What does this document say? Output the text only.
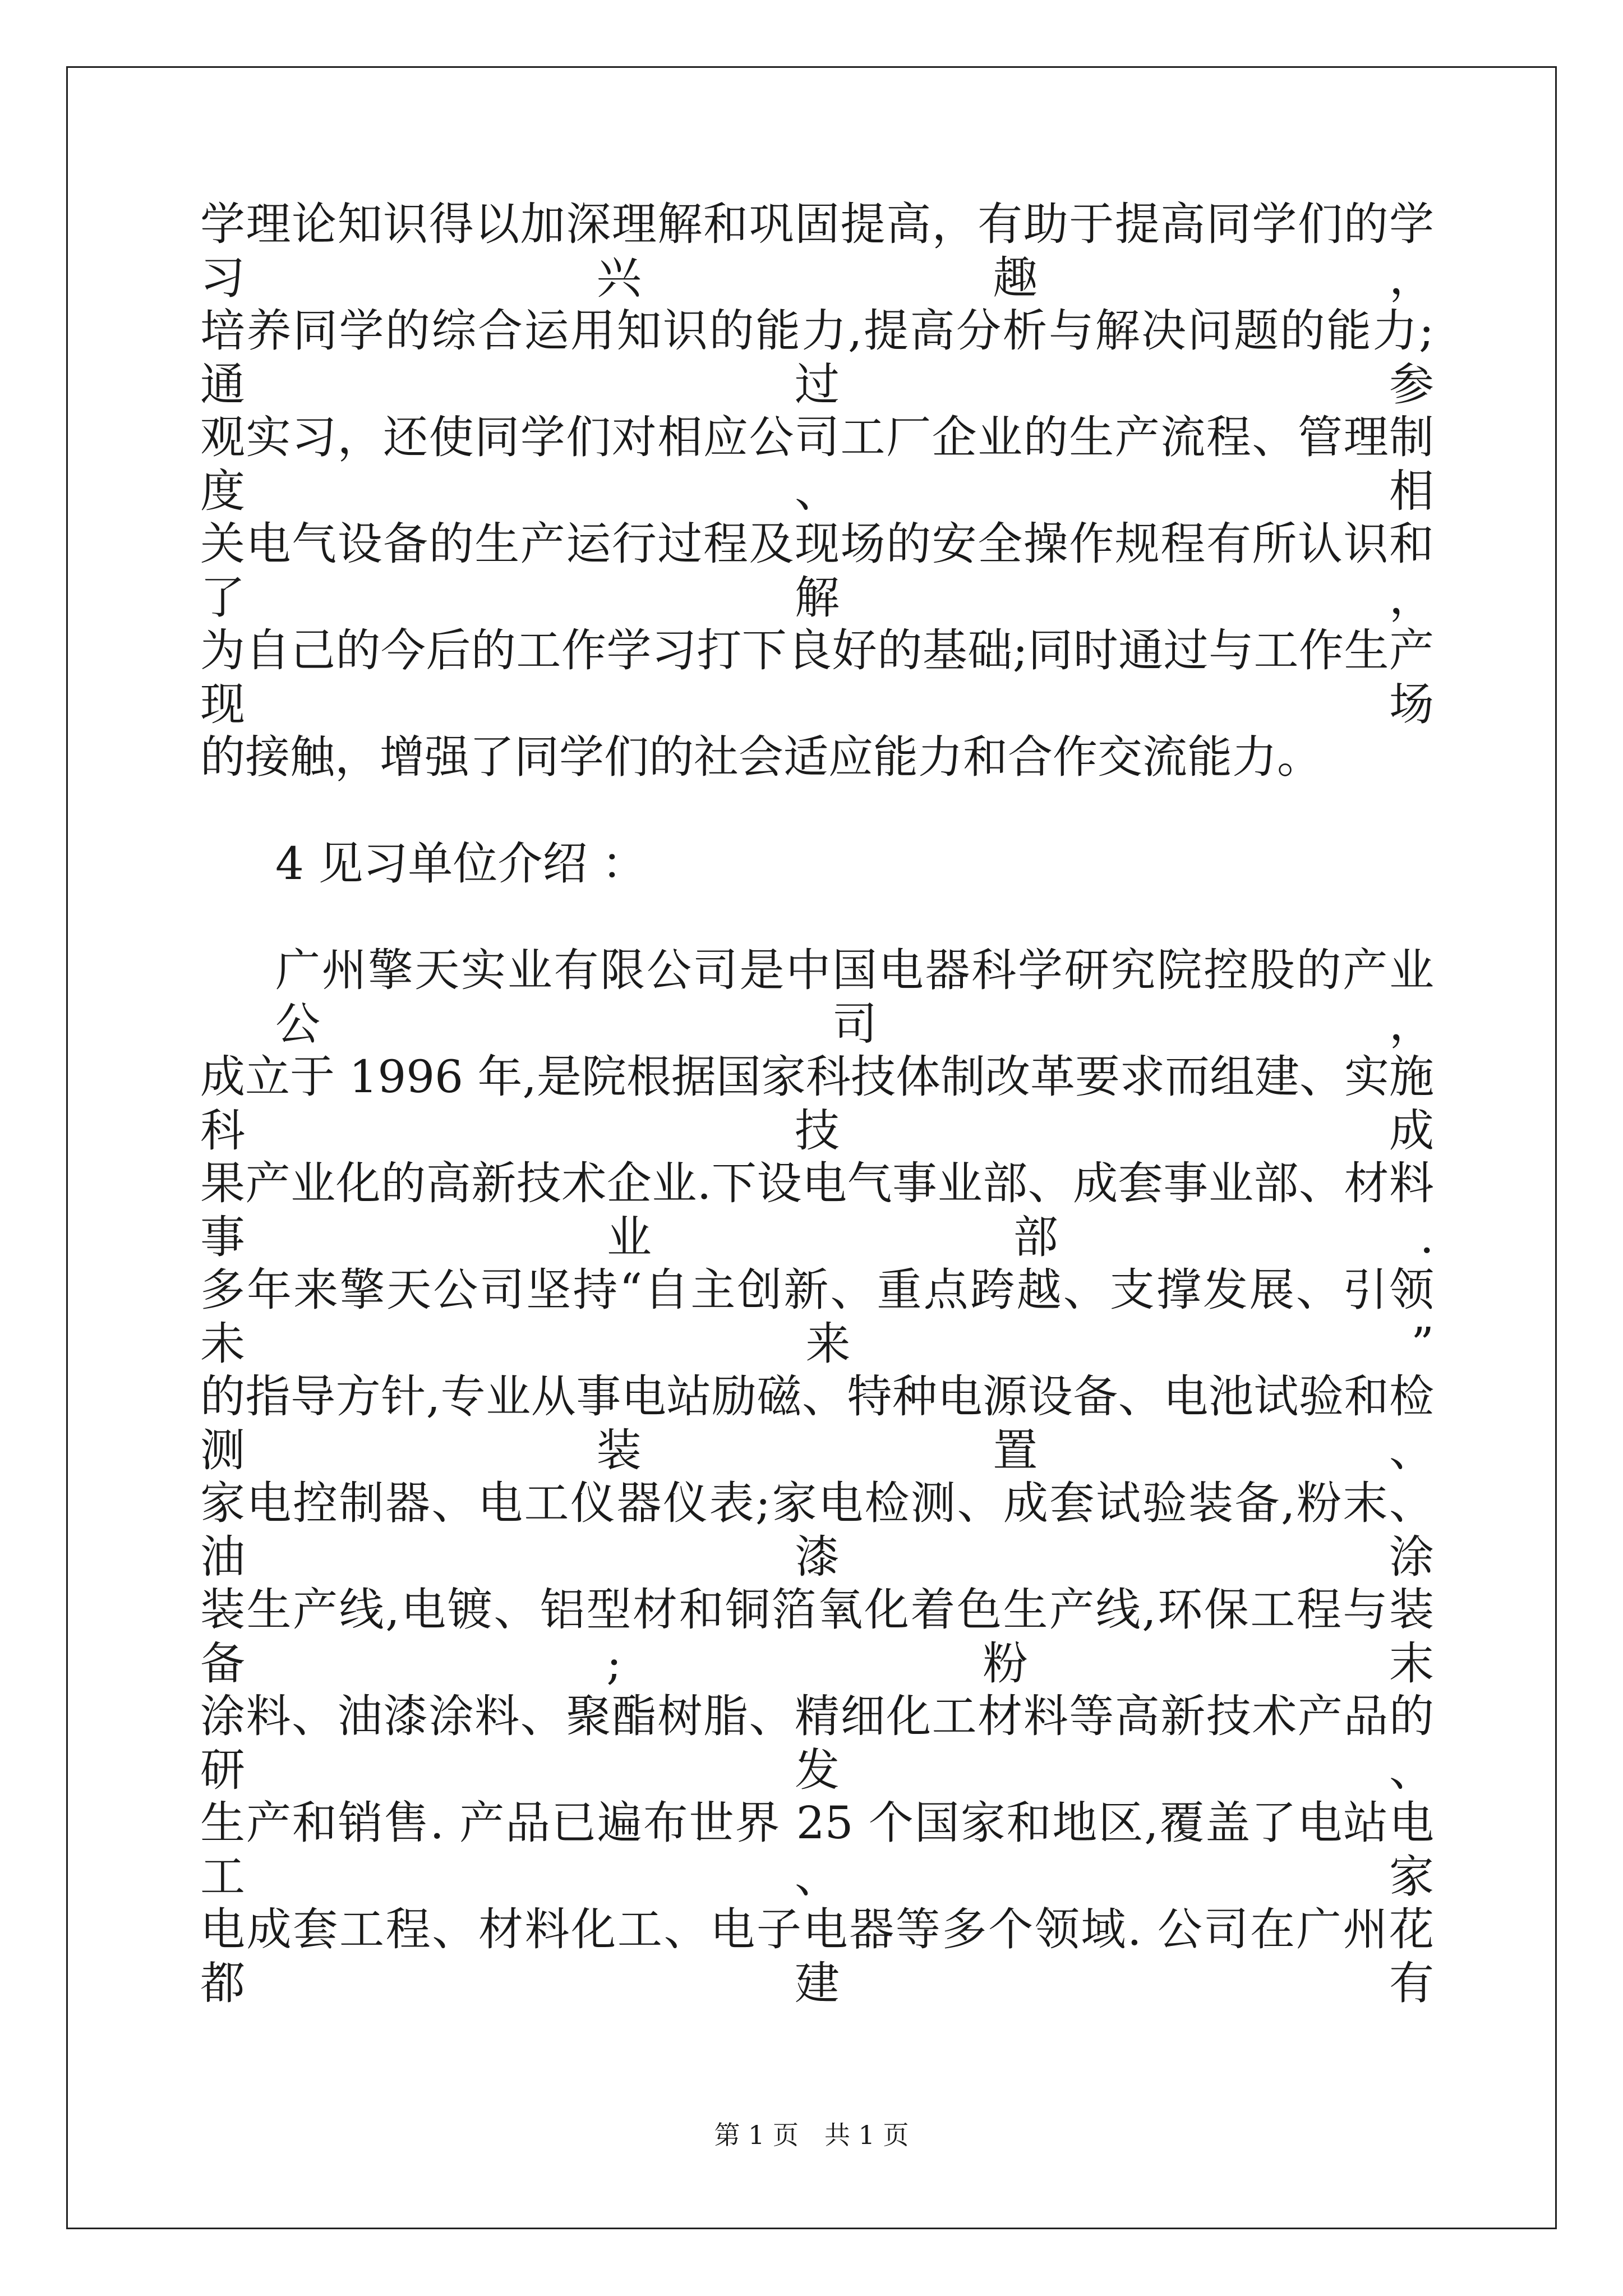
学理论知识得以加深理解和巩固提高，有助于提高同学们的学习兴趣，
培养同学的综合运用知识的能力,提高分析与解决问题的能力;通过参
观实习，还使同学们对相应公司工厂企业的生产流程、管理制度、相
关电气设备的生产运行过程及现场的安全操作规程有所认识和了解，
为自己的今后的工作学习打下良好的基础;同时通过与工作生产现场
的接触，增强了同学们的社会适应能力和合作交流能力。
4 见习单位介绍 ：
广州擎天实业有限公司是中国电器科学研究院控股的产业公司，
成立于 1996 年,是院根据国家科技体制改革要求而组建、实施科技成
果产业化的高新技术企业.下设电气事业部、成套事业部、材料事业部.
多年来擎天公司坚持“自主创新、重点跨越、支撑发展、引领未来”
的指导方针,专业从事电站励磁、特种电源设备、电池试验和检测装置、
家电控制器、电工仪器仪表;家电检测、成套试验装备,粉末、油漆涂
装生产线,电镀、铝型材和铜箔氧化着色生产线,环保工程与装备;粉末
涂料、油漆涂料、聚酯树脂、精细化工材料等高新技术产品的研发、
生产和销售. 产品已遍布世界 25 个国家和地区,覆盖了电站电工、家
电成套工程、材料化工、电子电器等多个领域. 公司在广州花都建有
第 1 页　共 1 页
